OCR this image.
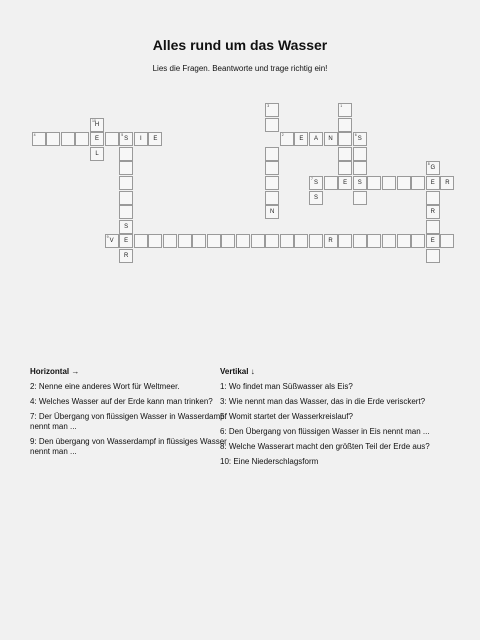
Alles rund um das Wasser
Lies die Fragen. Beantworte und trage richtig ein!
1
2
E	A	N
3
N
4
E
5
S	I	E
S
E
R
6
S
10
H
L
7
S	E	S	E	R
S
8
G
R
9
V	R	E
Horizontal →
2: Nenne eine anderes Wort für Weltmeer.
4: Welches Wasser auf der Erde kann man trinken?
7: Der Übergang von flüssigen Wasser in Wasserdampf nennt man ...
9: Den übergang von Wasserdampf in flüssiges Wasser nennt man ...
Vertikal ↓
1: Wo findet man Süßwasser als Eis?
3: Wie nennt man das Wasser, das in die Erde verisckert?
5: Womit startet der Wasserkreislauf?
6: Den Übergang von flüssigen Wasser in Eis nennt man ...
8: Welche Wasserart macht den größten Teil der Erde aus?
10: Eine Niederschlagsform
